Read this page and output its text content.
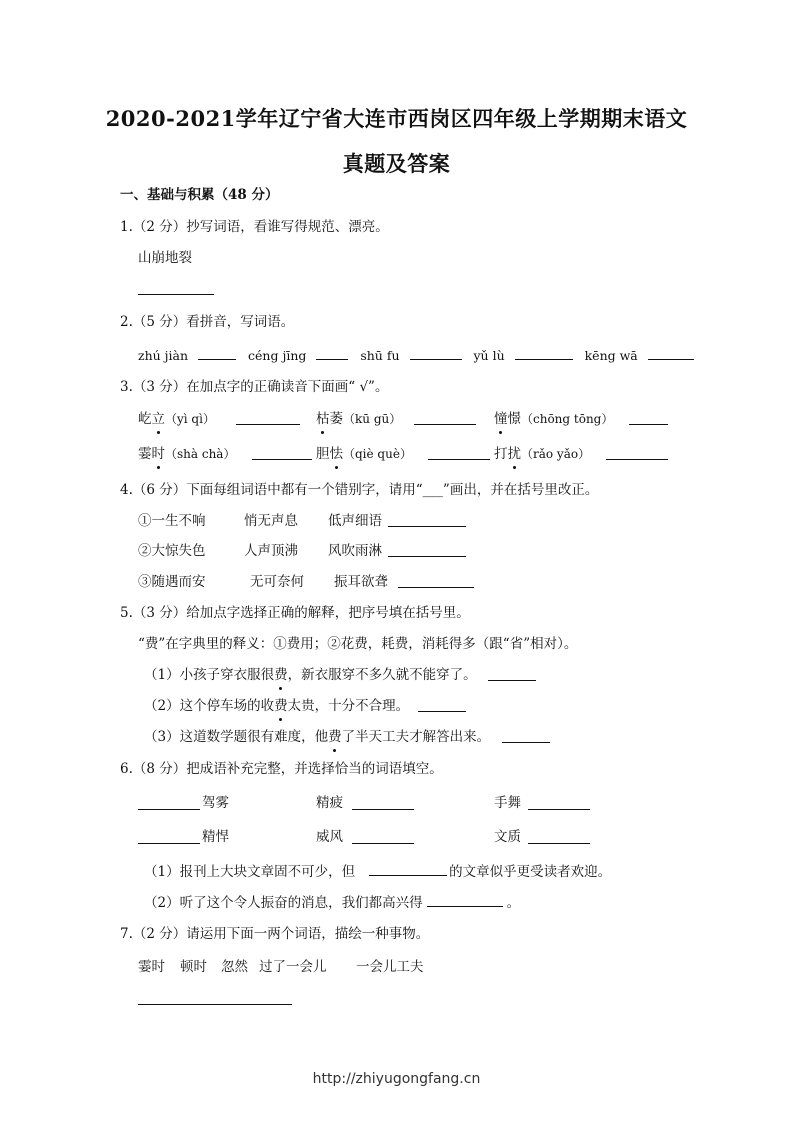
2020-2021学年辽宁省大连市西岗区四年级上学期期末语文
真题及答案
一、基础与积累（48 分）
1.（2 分）抄写词语，看谁写得规范、漂亮。
山崩地裂
2.（5 分）看拼音，写词语。
zhú jiàn	céng jīng	shū fu	yǔ lù	kēng wā
3.（3 分）在加点字的正确读音下面画“ √”。
屹立（yì qì）	枯萎（kū gū）	憧憬（chōng tōng）
霎时（shà chà）	胆怯（qiè què）	打扰（rǎo yǎo）
4.（6 分）下面每组词语中都有一个错别字，请用“___”画出，并在括号里改正。
①一生不响	悄无声息 低声细语
②大惊失色	人声顶沸 风吹雨淋
③随遇而安	无可奈何 振耳欲聋
5.（3 分）给加点字选择正确的解释，把序号填在括号里。
“费”在字典里的释义：①费用；②花费，耗费，消耗得多（跟“省”相对）。
（1）小孩子穿衣服很费，新衣服穿不多久就不能穿了。
（2）这个停车场的收费太贵，十分不合理。
（3）这道数学题很有难度，他费了半天工夫才解答出来。
6.（8 分）把成语补充完整，并选择恰当的词语填空。
驾雾	精疲	手舞
精悍	威风	文质
（1）报刊上大块文章固不可少，但	的文章似乎更受读者欢迎。
（2）听了这个令人振奋的消息，我们都高兴得	。
7.（2 分）请运用下面一两个词语，描绘一种事物。
霎时 顿时 忽然 过了一会儿 一会儿工夫
http://zhiyugongfang.cn
